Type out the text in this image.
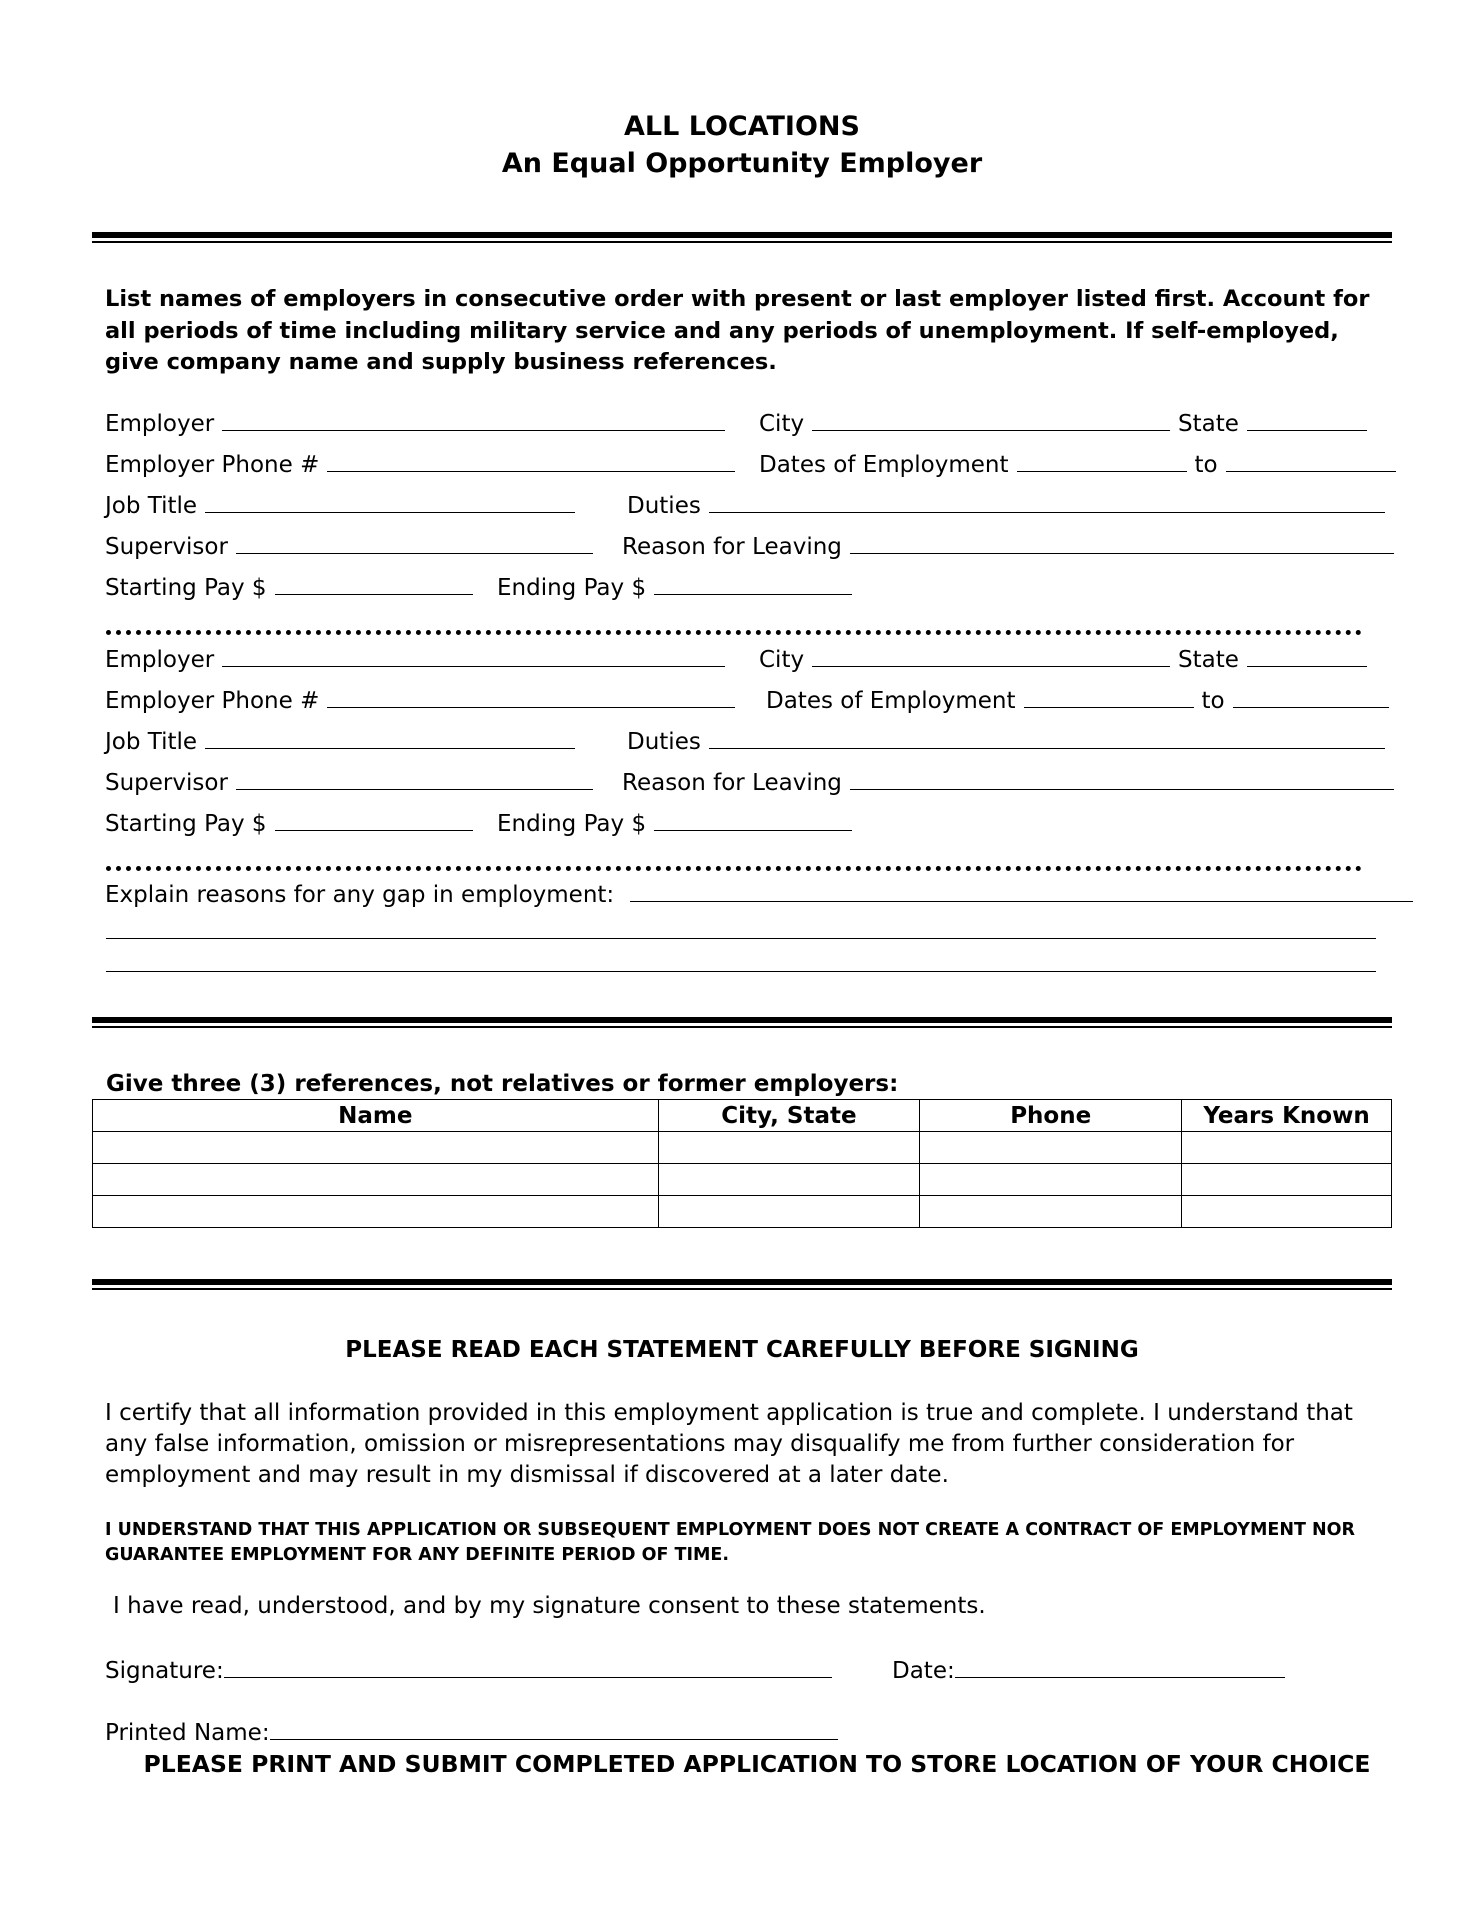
ALL LOCATIONS
An Equal Opportunity Employer
List names of employers in consecutive order with present or last employer listed first. Account for all periods of time including military service and any periods of unemployment. If self-employed, give company name and supply business references.
Employer	City	State
Employer Phone #	Dates of Employment	to
Job Title	Duties
Supervisor	Reason for Leaving
Starting Pay $	Ending Pay $
Employer	City	State
Employer Phone #	Dates of Employment	to
Job Title	Duties
Supervisor	Reason for Leaving
Starting Pay $	Ending Pay $
Explain reasons for any gap in employment:
Give three (3) references, not relatives or former employers:
Name	City, State	Phone	Years Known

PLEASE READ EACH STATEMENT CAREFULLY BEFORE SIGNING
I certify that all information provided in this employment application is true and complete. I understand that any false information, omission or misrepresentations may disqualify me from further consideration for employment and may result in my dismissal if discovered at a later date.
I UNDERSTAND THAT THIS APPLICATION OR SUBSEQUENT EMPLOYMENT DOES NOT CREATE A CONTRACT OF EMPLOYMENT NOR GUARANTEE EMPLOYMENT FOR ANY DEFINITE PERIOD OF TIME.
I have read, understood, and by my signature consent to these statements.
Signature:	Date:
Printed Name:
PLEASE PRINT AND SUBMIT COMPLETED APPLICATION TO STORE LOCATION OF YOUR CHOICE
